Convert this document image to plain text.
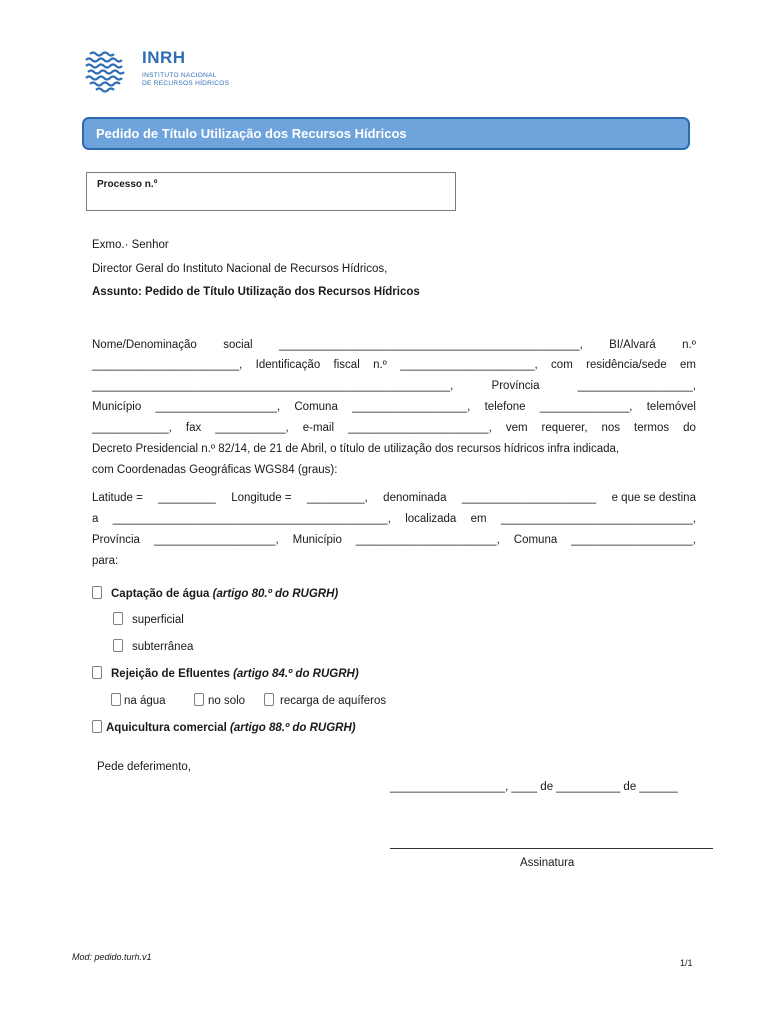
INRH
INSTITUTO NACIONAL
DE RECURSOS HÍDRICOS
Pedido de Título Utilização dos Recursos Hídricos
Processo n.º
Exmo.· Senhor
Director Geral do Instituto Nacional de Recursos Hídricos,
Assunto: Pedido de Título Utilização dos Recursos Hídricos
Nome/Denominação social _______________________________________________, BI/Alvará n.º
_______________________, Identificação fiscal n.º _____________________, com residência/sede em
________________________________________________________,	Província	__________________,
Município ___________________, Comuna __________________, telefone ______________, telemóvel
____________, fax ___________, e-mail ______________________, vem requerer, nos termos do
Decreto Presidencial n.º 82/14, de 21 de Abril, o título de utilização dos recursos hídricos infra indicada,
com Coordenadas Geográficas WGS84 (graus):
Latitude = _________ Longitude = _________, denominada _____________________ e que se destina
a ___________________________________________, localizada em ______________________________,
Província ___________________, Município ______________________, Comuna ___________________,
para:
Captação de água (artigo 80.º do RUGRH)
superficial
subterrânea
Rejeição de Efluentes (artigo 84.º do RUGRH)
na água	no solo	recarga de aquíferos
Aquicultura comercial (artigo 88.º do RUGRH)
Pede deferimento,
__________________, ____ de __________ de ______
Assinatura
Mod: pedido.turh.v1
1/1
